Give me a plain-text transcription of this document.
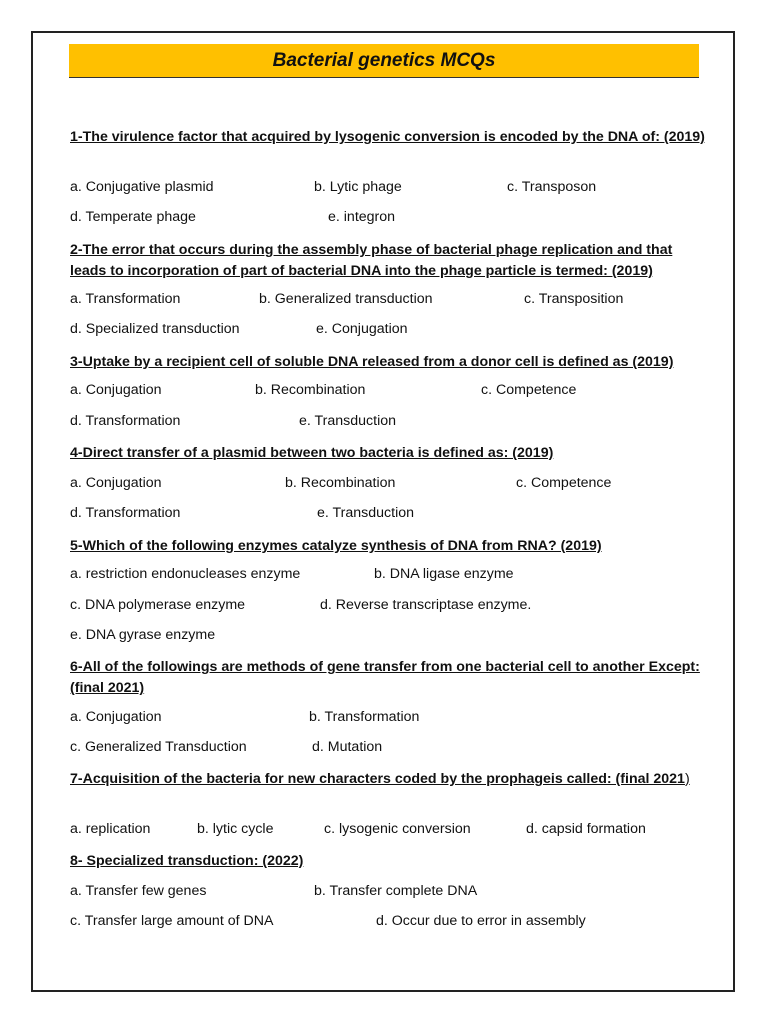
Bacterial genetics MCQs

1-The virulence factor that acquired by lysogenic conversion is encoded by the DNA of: (2019)

a. Conjugative plasmid	b. Lytic phage	c. Transposon
d. Temperate phage	e. integron

2-The error that occurs during the assembly phase of bacterial phage replication and that leads to incorporation of part of bacterial DNA into the phage particle is termed: (2019)

a. Transformation	b. Generalized transduction	c. Transposition
d. Specialized transduction	e. Conjugation

3-Uptake by a recipient cell of soluble DNA released from a donor cell is defined as (2019)

a. Conjugation	b. Recombination	c. Competence
d. Transformation	e. Transduction

4-Direct transfer of a plasmid between two bacteria is defined as: (2019)

a. Conjugation	b. Recombination	c. Competence
d. Transformation	e. Transduction

5-Which of the following enzymes catalyze synthesis of DNA from RNA? (2019)

a. restriction endonucleases enzyme	b. DNA ligase enzyme
c. DNA polymerase enzyme	d. Reverse transcriptase enzyme.
e. DNA gyrase enzyme

6-All of the followings are methods of gene transfer from one bacterial cell to another Except: (final 2021)

a. Conjugation	b. Transformation
c. Generalized Transduction	d. Mutation

7-Acquisition of the bacteria for new characters coded by the prophageis called: (final 2021)

a. replication	b. lytic cycle	c. lysogenic conversion	d. capsid formation

8- Specialized transduction: (2022)

a. Transfer few genes	b. Transfer complete DNA
c. Transfer large amount of DNA	d. Occur due to error in assembly
